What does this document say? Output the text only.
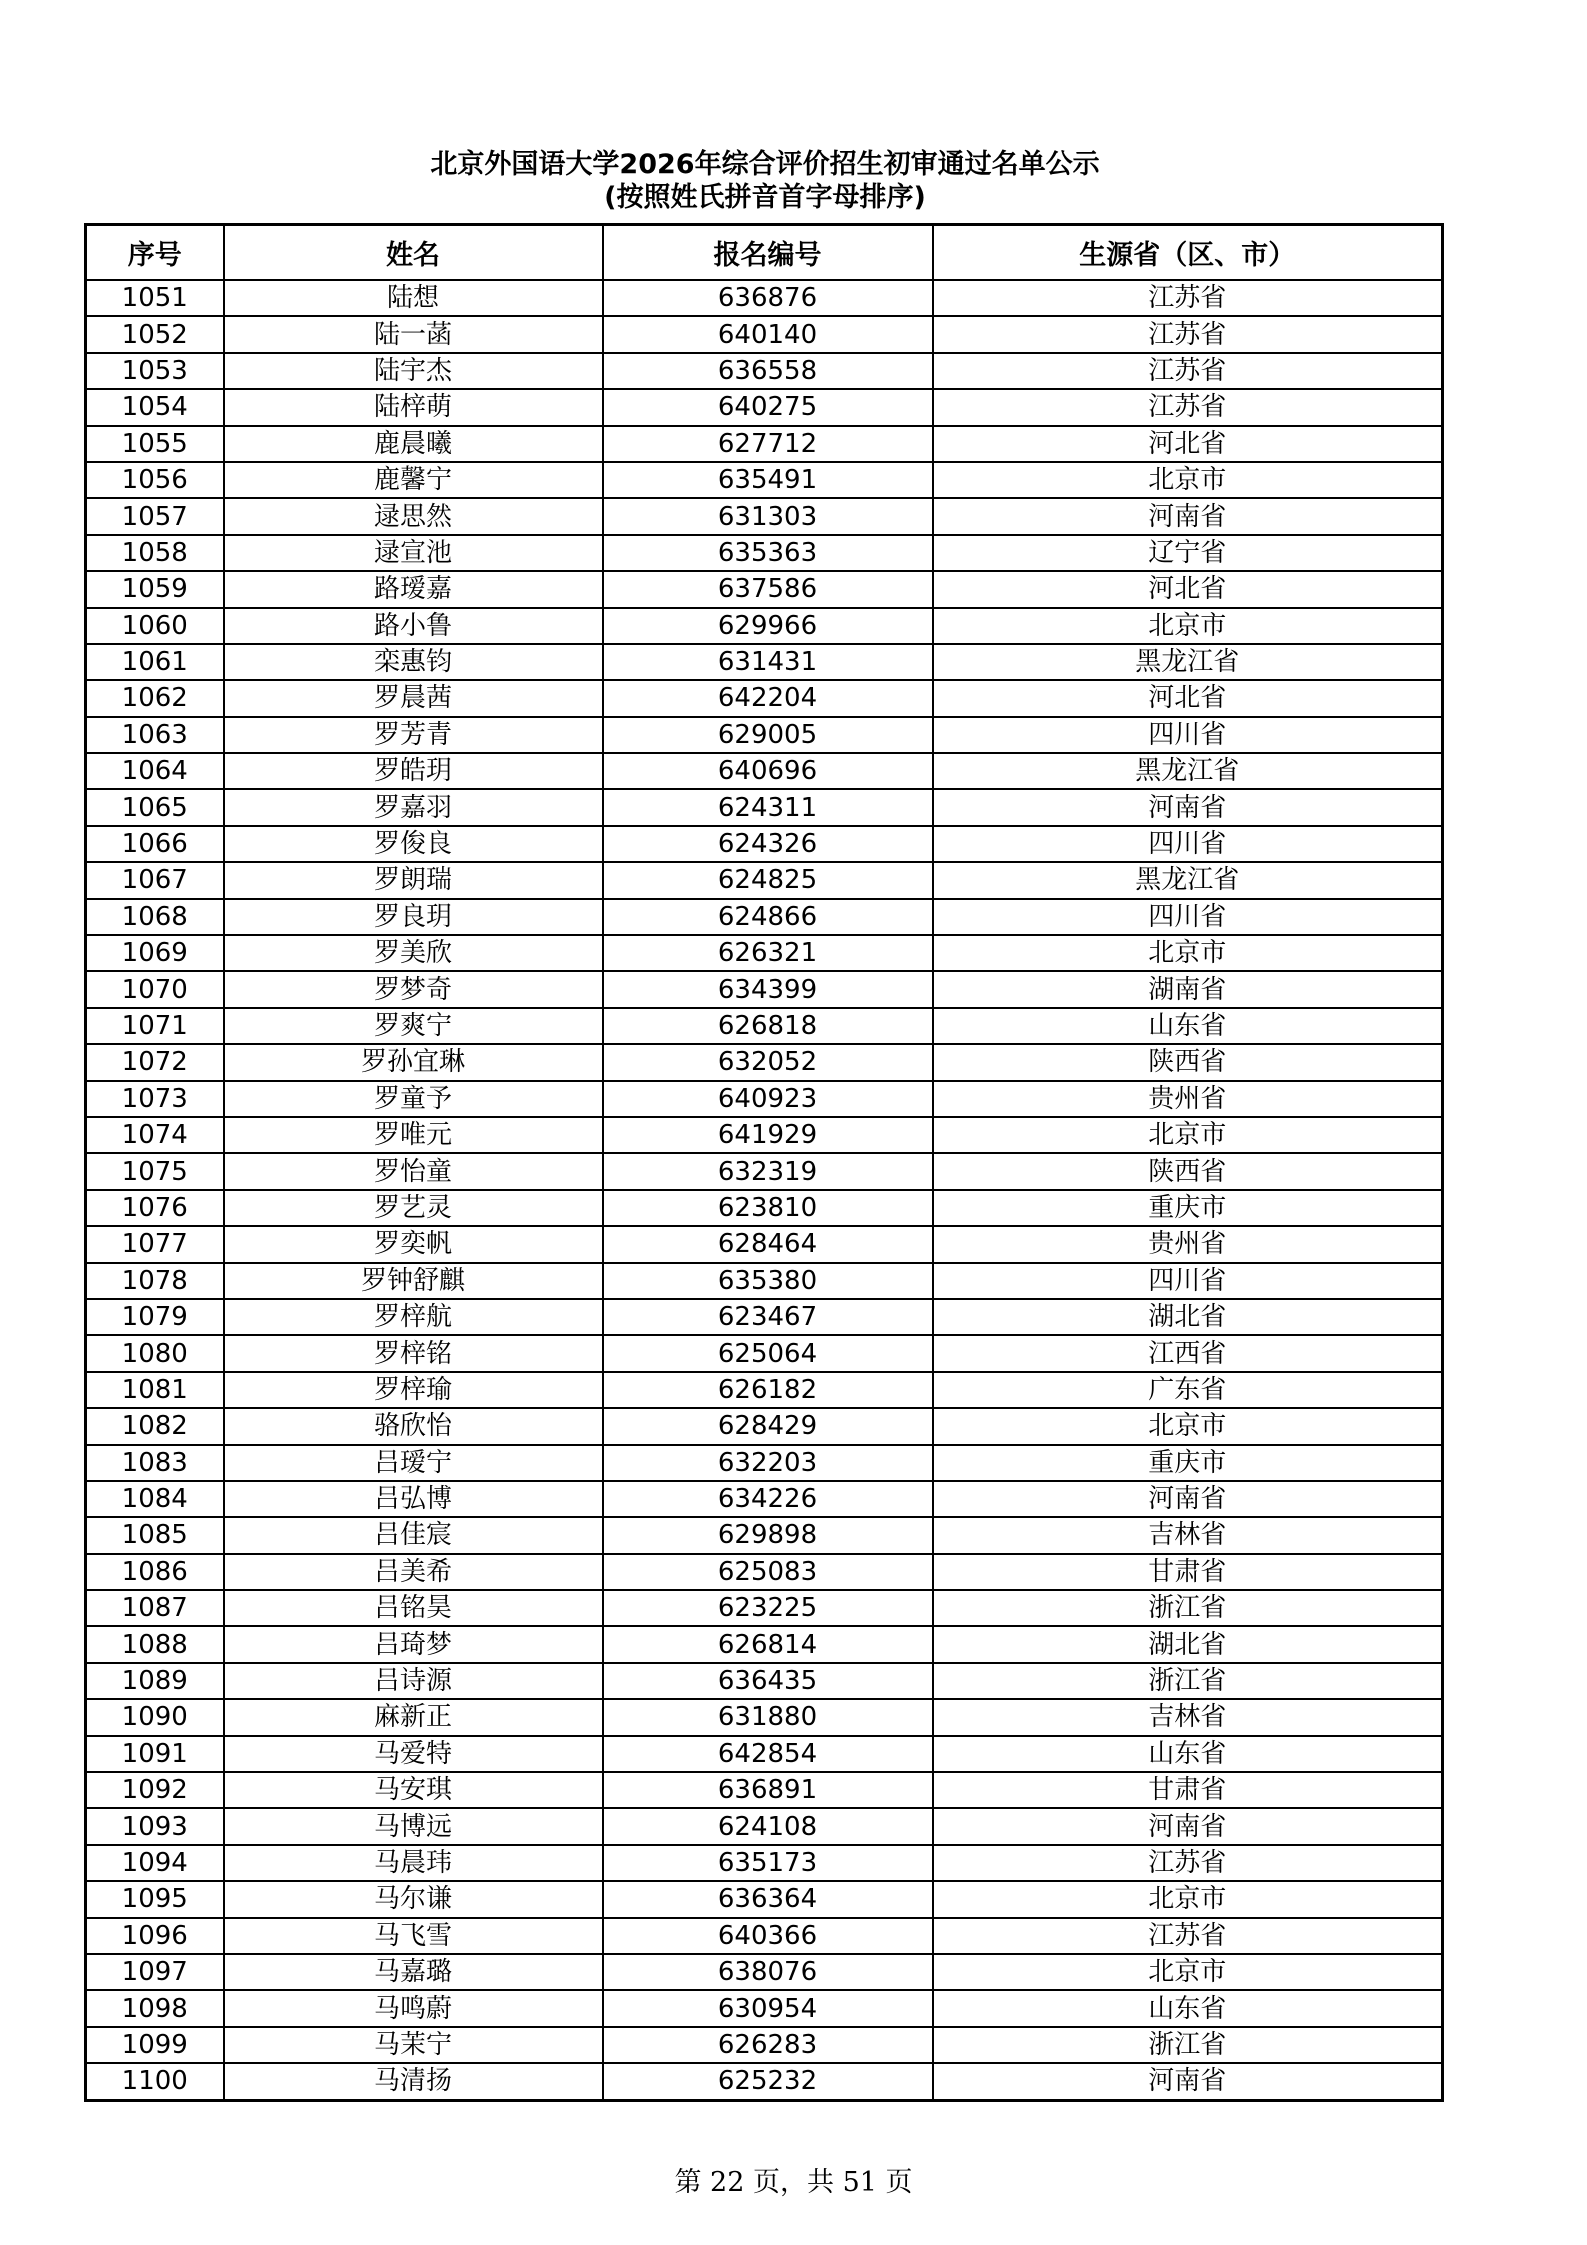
北京外国语大学2026年综合评价招生初审通过名单公示
(按照姓氏拼音首字母排序)
序号	姓名	报名编号	生源省（区、市）
1051	陆想	636876	江苏省
1052	陆一菡	640140	江苏省
1053	陆宇杰	636558	江苏省
1054	陆梓萌	640275	江苏省
1055	鹿晨曦	627712	河北省
1056	鹿馨宁	635491	北京市
1057	逯思然	631303	河南省
1058	逯宣池	635363	辽宁省
1059	路瑷嘉	637586	河北省
1060	路小鲁	629966	北京市
1061	栾惠钧	631431	黑龙江省
1062	罗晨茜	642204	河北省
1063	罗芳青	629005	四川省
1064	罗皓玥	640696	黑龙江省
1065	罗嘉羽	624311	河南省
1066	罗俊良	624326	四川省
1067	罗朗瑞	624825	黑龙江省
1068	罗良玥	624866	四川省
1069	罗美欣	626321	北京市
1070	罗梦奇	634399	湖南省
1071	罗爽宁	626818	山东省
1072	罗孙宜琳	632052	陕西省
1073	罗童予	640923	贵州省
1074	罗唯元	641929	北京市
1075	罗怡童	632319	陕西省
1076	罗艺灵	623810	重庆市
1077	罗奕帆	628464	贵州省
1078	罗钟舒麒	635380	四川省
1079	罗梓航	623467	湖北省
1080	罗梓铭	625064	江西省
1081	罗梓瑜	626182	广东省
1082	骆欣怡	628429	北京市
1083	吕瑷宁	632203	重庆市
1084	吕弘博	634226	河南省
1085	吕佳宸	629898	吉林省
1086	吕美希	625083	甘肃省
1087	吕铭昊	623225	浙江省
1088	吕琦梦	626814	湖北省
1089	吕诗源	636435	浙江省
1090	麻新正	631880	吉林省
1091	马爱特	642854	山东省
1092	马安琪	636891	甘肃省
1093	马博远	624108	河南省
1094	马晨玮	635173	江苏省
1095	马尔谦	636364	北京市
1096	马飞雪	640366	江苏省
1097	马嘉璐	638076	北京市
1098	马鸣蔚	630954	山东省
1099	马茉宁	626283	浙江省
1100	马清扬	625232	河南省
第 22 页，共 51 页
